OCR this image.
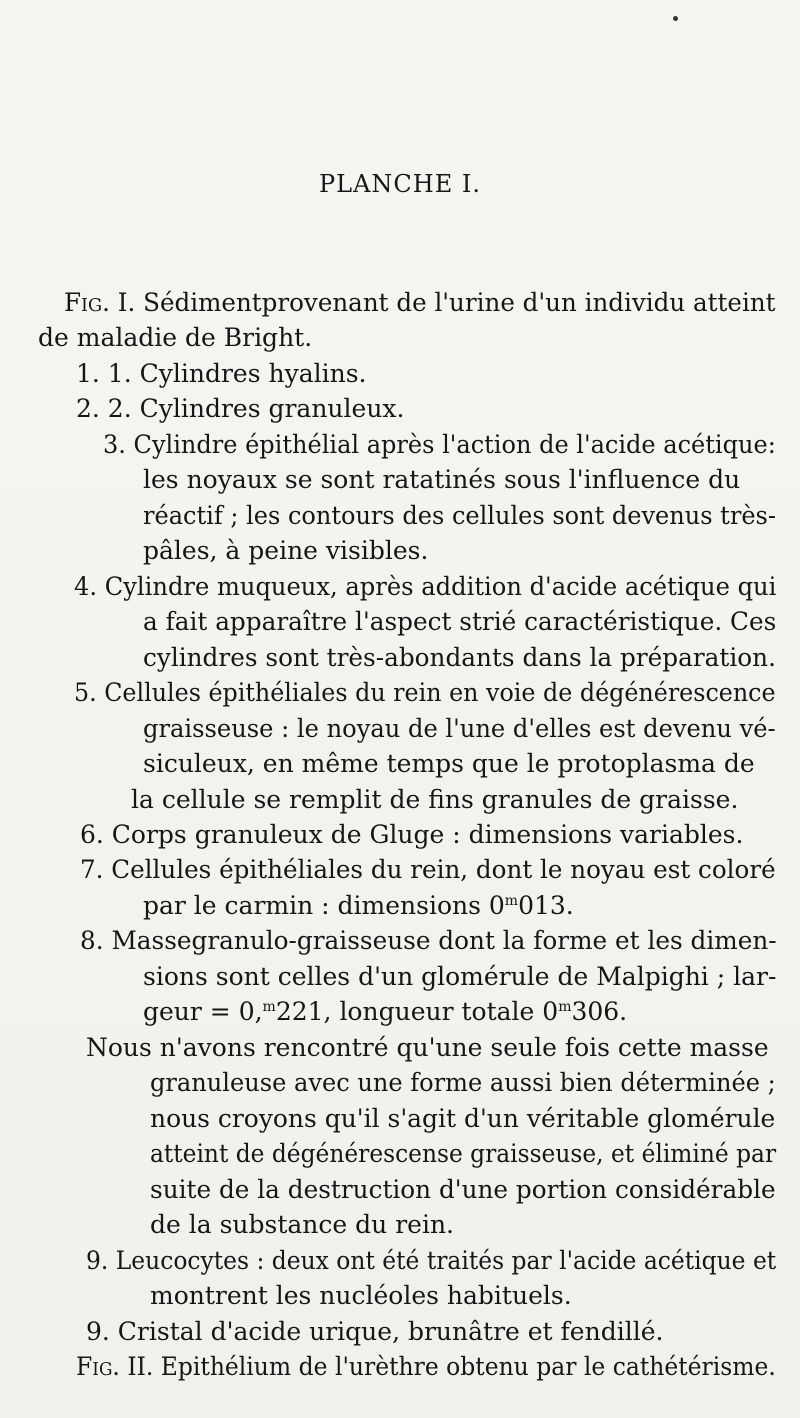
PLANCHE I.
Fig. I. Sédimentprovenant de l'urine d'un individu atteint
de maladie de Bright.
1. 1. Cylindres hyalins.
2. 2. Cylindres granuleux.
3. Cylindre épithélial après l'action de l'acide acétique:
les noyaux se sont ratatinés sous l'influence du
réactif ; les contours des cellules sont devenus très-
pâles, à peine visibles.
4. Cylindre muqueux, après addition d'acide acétique qui
a fait apparaître l'aspect strié caractéristique. Ces
cylindres sont très-abondants dans la préparation.
5. Cellules épithéliales du rein en voie de dégénérescence
graisseuse : le noyau de l'une d'elles est devenu vé-
siculeux, en même temps que le protoplasma de
la cellule se remplit de fins granules de graisse.
6. Corps granuleux de Gluge : dimensions variables.
7. Cellules épithéliales du rein, dont le noyau est coloré
par le carmin : dimensions 0$^m$013.
8. Massegranulo-graisseuse dont la forme et les dimen-
sions sont celles d'un glomérule de Malpighi ; lar-
geur = 0,$^m$221, longueur totale 0$^m$306.
Nous n'avons rencontré qu'une seule fois cette masse
granuleuse avec une forme aussi bien déterminée ;
nous croyons qu'il s'agit d'un véritable glomérule
atteint de dégénérescense graisseuse, et éliminé par
suite de la destruction d'une portion considérable
de la substance du rein.
9. Leucocytes : deux ont été traités par l'acide acétique et
montrent les nucléoles habituels.
9. Cristal d'acide urique, brunâtre et fendillé.
Fig. II. Epithélium de l'urèthre obtenu par le cathétérisme.
